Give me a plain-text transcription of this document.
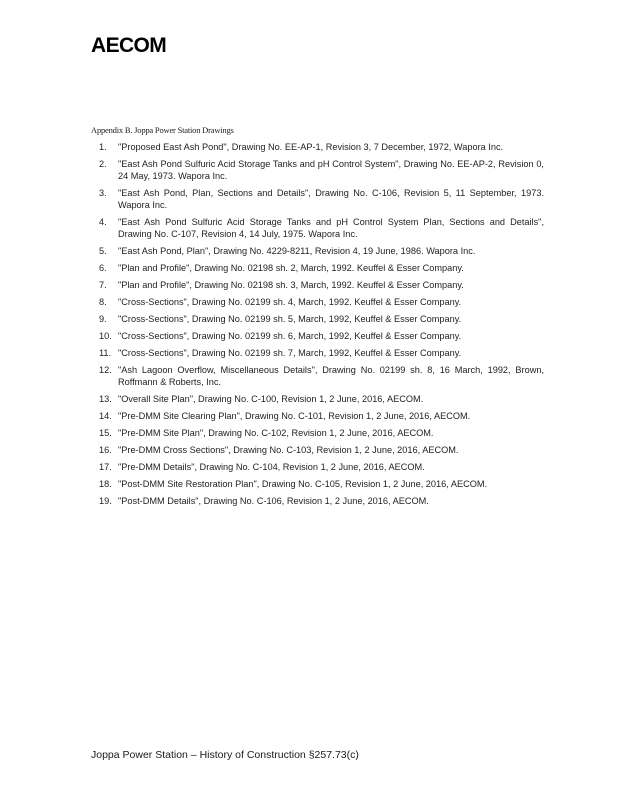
AECOM

Appendix B. Joppa Power Station Drawings

1.	"Proposed East Ash Pond", Drawing No. EE-AP-1, Revision 3, 7 December, 1972, Wapora Inc.
2.	"East Ash Pond Sulfuric Acid Storage Tanks and pH Control System", Drawing No. EE-AP-2, Revision 0, 24 May, 1973. Wapora Inc.
3.	"East Ash Pond, Plan, Sections and Details", Drawing No. C-106, Revision 5, 11 September, 1973. Wapora Inc.
4.	"East Ash Pond Sulfuric Acid Storage Tanks and pH Control System Plan, Sections and Details", Drawing No. C-107, Revision 4, 14 July, 1975. Wapora Inc.
5.	"East Ash Pond, Plan", Drawing No. 4229-8211, Revision 4, 19 June, 1986. Wapora Inc.
6.	"Plan and Profile", Drawing No. 02198 sh. 2, March, 1992. Keuffel & Esser Company.
7.	"Plan and Profile", Drawing No. 02198 sh. 3, March, 1992. Keuffel & Esser Company.
8.	"Cross-Sections", Drawing No. 02199 sh. 4, March, 1992. Keuffel & Esser Company.
9.	"Cross-Sections", Drawing No. 02199 sh. 5, March, 1992, Keuffel & Esser Company.
10. "Cross-Sections", Drawing No. 02199 sh. 6, March, 1992, Keuffel & Esser Company.
11. "Cross-Sections", Drawing No. 02199 sh. 7, March, 1992, Keuffel & Esser Company.
12. "Ash Lagoon Overflow, Miscellaneous Details", Drawing No. 02199 sh. 8, 16 March, 1992, Brown, Roffmann & Roberts, Inc.
13. "Overall Site Plan", Drawing No. C-100, Revision 1, 2 June, 2016, AECOM.
14. "Pre-DMM Site Clearing Plan", Drawing No. C-101, Revision 1, 2 June, 2016, AECOM.
15. "Pre-DMM Site Plan", Drawing No. C-102, Revision 1, 2 June, 2016, AECOM.
16. "Pre-DMM Cross Sections", Drawing No. C-103, Revision 1, 2 June, 2016, AECOM.
17. "Pre-DMM Details", Drawing No. C-104, Revision 1, 2 June, 2016, AECOM.
18. "Post-DMM Site Restoration Plan", Drawing No. C-105, Revision 1, 2 June, 2016, AECOM.
19. "Post-DMM Details", Drawing No. C-106, Revision 1, 2 June, 2016, AECOM.

Joppa Power Station – History of Construction §257.73(c)
